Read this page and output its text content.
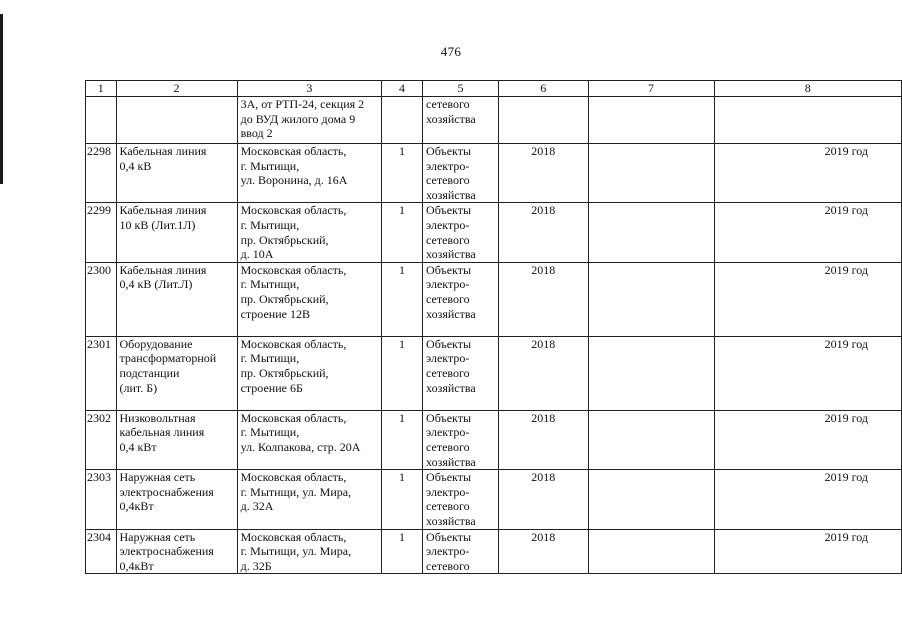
476
1	2	3	4	5	6	7	8

		3А, от РТП-24, секция 2
до ВУД жилого дома 9
ввод 2		сетевого
хозяйства			

2298	Кабельная линия
0,4 кВ	Московская область,
г. Мытищи,
ул. Воронина, д. 16А	1	Объекты
электро-
сетевого
хозяйства	2018		2019 год
2299	Кабельная линия
10 кВ (Лит.1Л)	Московская область,
г. Мытищи,
пр. Октябрьский,
д. 10А	1	Объекты
электро-
сетевого
хозяйства	2018		2019 год
2300	Кабельная линия
0,4 кВ (Лит.Л)	Московская область,
г. Мытищи,
пр. Октябрьский,
строение 12В	1	Объекты
электро-
сетевого
хозяйства	2018		2019 год
2301	Оборудование
трансформаторной
подстанции
(лит. Б)	Московская область,
г. Мытищи,
пр. Октябрьский,
строение 6Б	1	Объекты
электро-
сетевого
хозяйства	2018		2019 год
2302	Низковольтная
кабельная линия
0,4 кВт	Московская область,
г. Мытищи,
ул. Колпакова, стр. 20А	1	Объекты
электро-
сетевого
хозяйства	2018		2019 год
2303	Наружная сеть
электроснабжения
0,4кВт	Московская область,
г. Мытищи, ул. Мира,
д. 32А	1	Объекты
электро-
сетевого
хозяйства	2018		2019 год
2304	Наружная сеть
электроснабжения
0,4кВт	Московская область,
г. Мытищи, ул. Мира,
д. 32Б	1	Объекты
электро-
сетевого	2018		2019 год
